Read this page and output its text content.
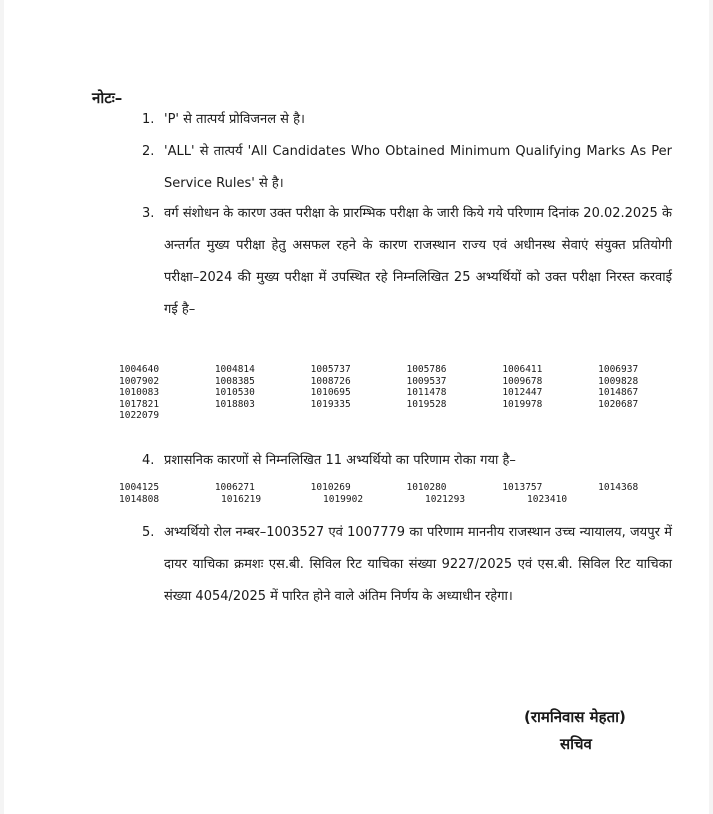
नोटः–
1. 'P' से तात्पर्य प्रोविजनल से है।
2. 'ALL' से तात्पर्य 'All Candidates Who Obtained Minimum Qualifying Marks As Per Service Rules' से है।
3. वर्ग संशोधन के कारण उक्त परीक्षा के प्रारम्भिक परीक्षा के जारी किये गये परिणाम दिनांक 20.02.2025 के अन्तर्गत मुख्य परीक्षा हेतु असफल रहने के कारण राजस्थान राज्य एवं अधीनस्थ सेवाएं संयुक्त प्रतियोगी परीक्षा–2024 की मुख्य परीक्षा में उपस्थित रहे निम्नलिखित 25 अभ्यर्थियों को उक्त परीक्षा निरस्त करवाई गई है–
1004640	1004814	1005737	1005786	1006411	1006937
1007902	1008385	1008726	1009537	1009678	1009828
1010083	1010530	1010695	1011478	1012447	1014867
1017821	1018803	1019335	1019528	1019978	1020687
1022079
4. प्रशासनिक कारणों से निम्नलिखित 11 अभ्यर्थियो का परिणाम रोका गया है–
1004125	1006271	1010269	1010280	1013757	1014368
1014808	1016219	1019902	1021293	1023410
5. अभ्यर्थियो रोल नम्बर–1003527 एवं 1007779 का परिणाम माननीय राजस्थान उच्च न्यायालय, जयपुर में दायर याचिका क्रमशः एस.बी. सिविल रिट याचिका संख्या 9227/2025 एवं एस.बी. सिविल रिट याचिका संख्या 4054/2025 में पारित होने वाले अंतिम निर्णय के अध्याधीन रहेगा।
(रामनिवास मेहता)
सचिव
